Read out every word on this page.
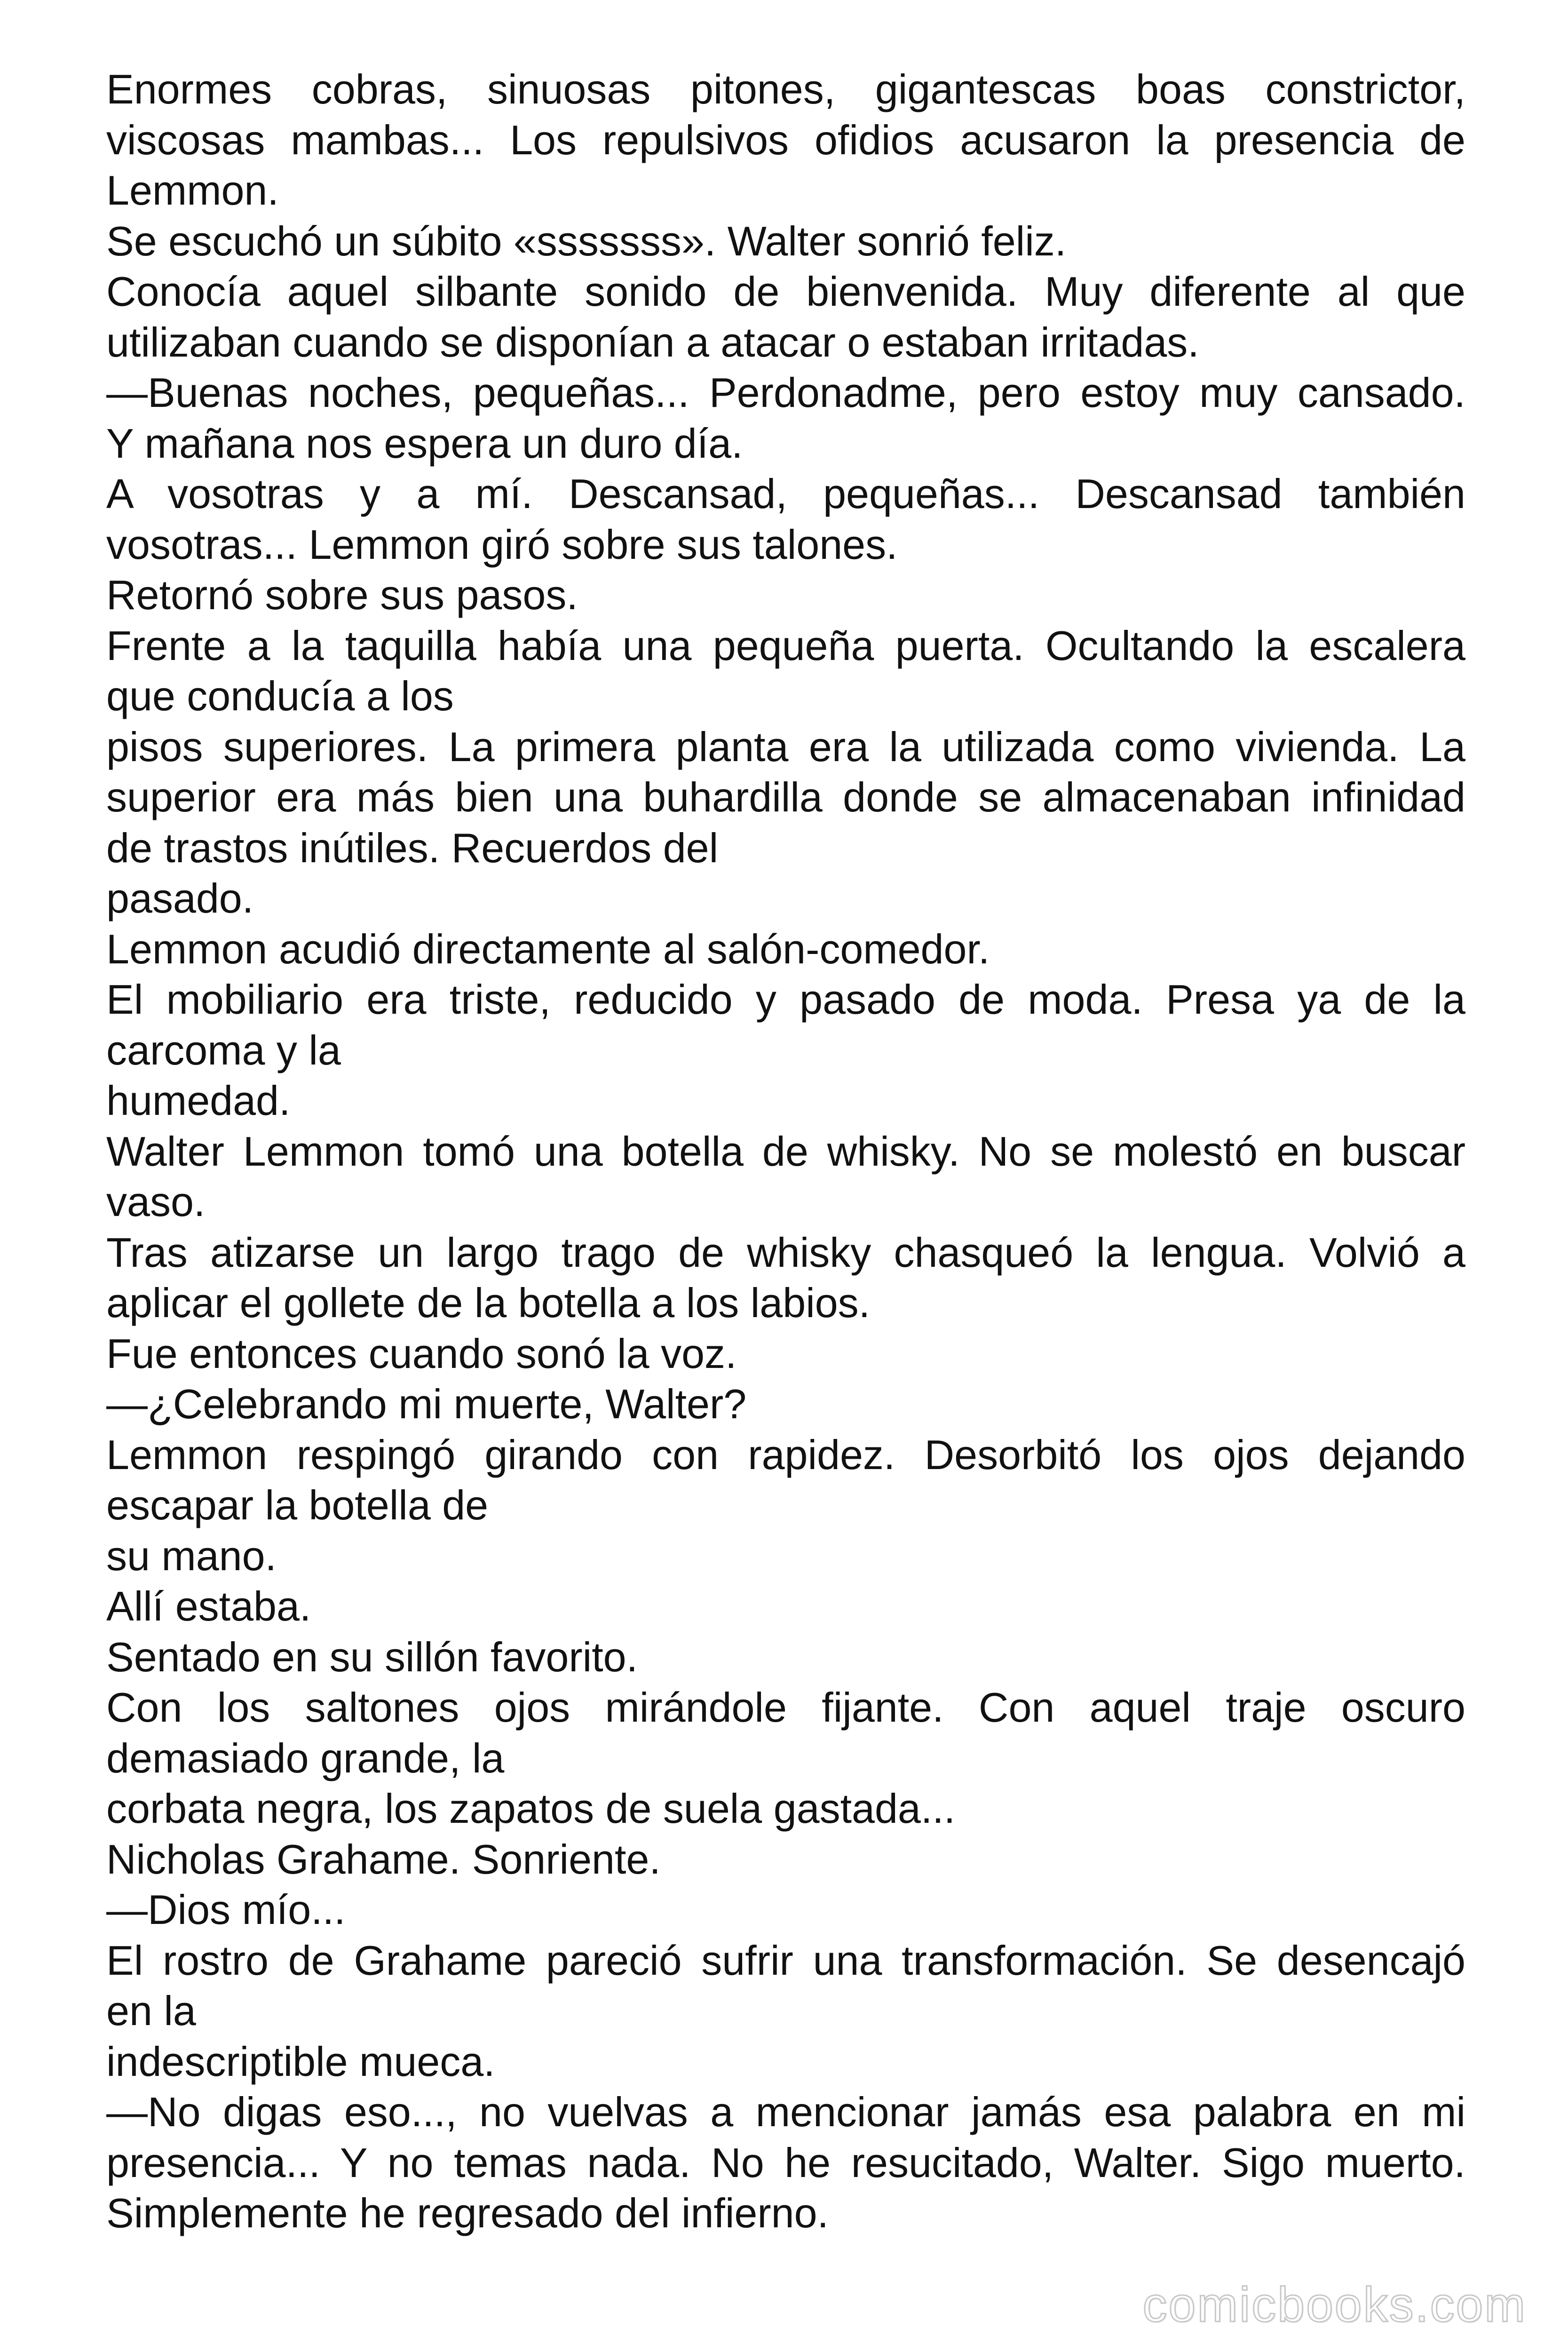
Enormes cobras, sinuosas pitones, gigantescas boas constrictor,
viscosas mambas... Los repulsivos ofidios acusaron la presencia de
Lemmon.
Se escuchó un súbito «sssssss». Walter sonrió feliz.
Conocía aquel silbante sonido de bienvenida. Muy diferente al que
utilizaban cuando se disponían a atacar o estaban irritadas.
—Buenas noches, pequeñas... Perdonadme, pero estoy muy cansado.
Y mañana nos espera un duro día.
A vosotras y a mí. Descansad, pequeñas... Descansad también
vosotras... Lemmon giró sobre sus talones.
Retornó sobre sus pasos.
Frente a la taquilla había una pequeña puerta. Ocultando la escalera
que conducía a los
pisos superiores. La primera planta era la utilizada como vivienda. La
superior era más bien una buhardilla donde se almacenaban infinidad
de trastos inútiles. Recuerdos del
pasado.
Lemmon acudió directamente al salón-comedor.
El mobiliario era triste, reducido y pasado de moda. Presa ya de la
carcoma y la
humedad.
Walter Lemmon tomó una botella de whisky. No se molestó en buscar
vaso.
Tras atizarse un largo trago de whisky chasqueó la lengua. Volvió a
aplicar el gollete de la botella a los labios.
Fue entonces cuando sonó la voz.
—¿Celebrando mi muerte, Walter?
Lemmon respingó girando con rapidez. Desorbitó los ojos dejando
escapar la botella de
su mano.
Allí estaba.
Sentado en su sillón favorito.
Con los saltones ojos mirándole fijante. Con aquel traje oscuro
demasiado grande, la
corbata negra, los zapatos de suela gastada...
Nicholas Grahame. Sonriente.
—Dios mío...
El rostro de Grahame pareció sufrir una transformación. Se desencajó
en la
indescriptible mueca.
—No digas eso..., no vuelvas a mencionar jamás esa palabra en mi
presencia... Y no temas nada. No he resucitado, Walter. Sigo muerto.
Simplemente he regresado del infierno.
comicbooks.com
